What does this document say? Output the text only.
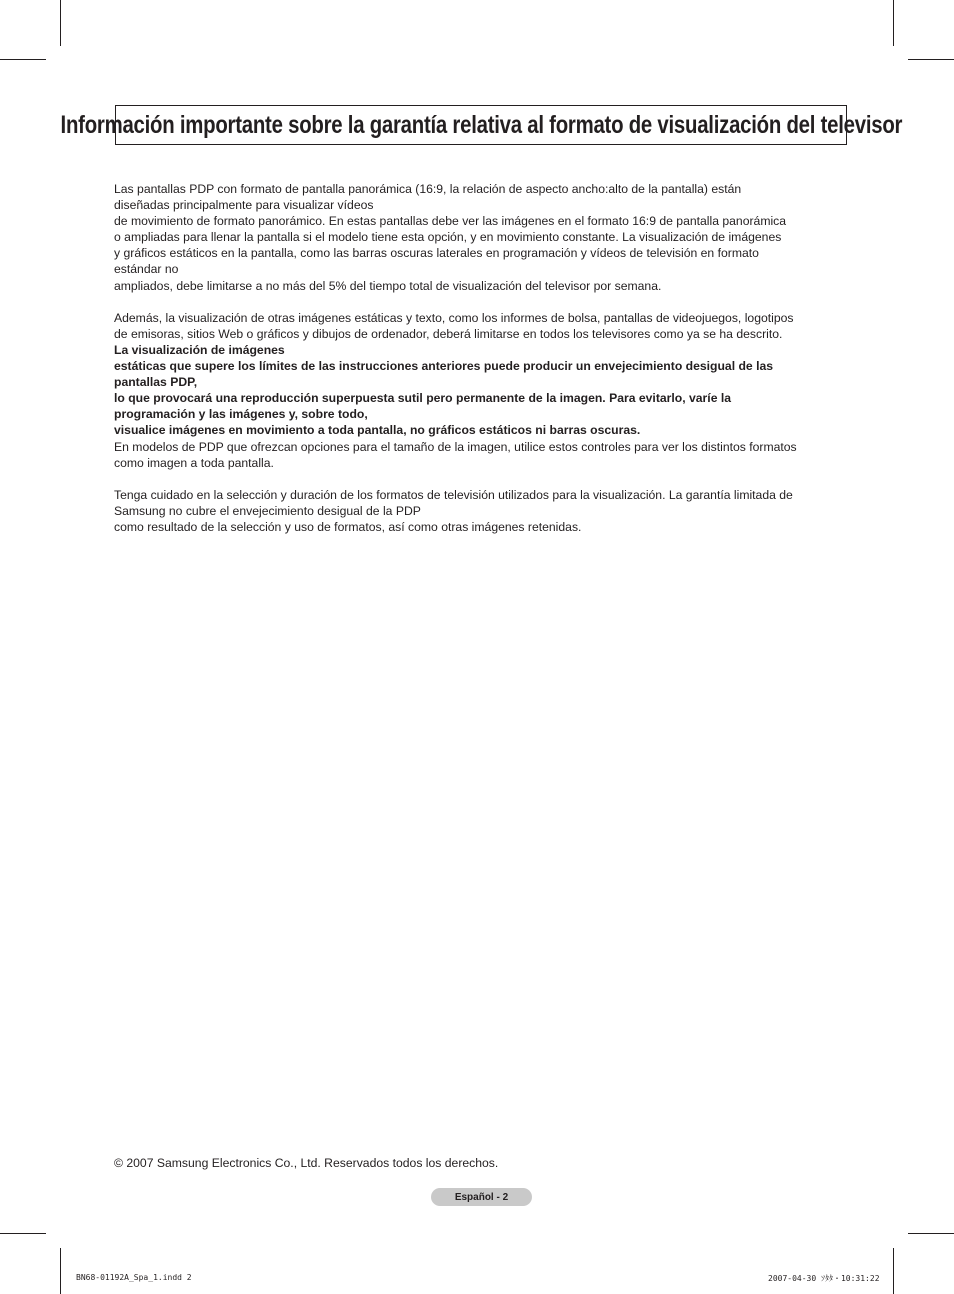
Información importante sobre la garantía relativa al formato de visualización del televisor
Las pantallas PDP con formato de pantalla panorámica (16:9, la relación de aspecto ancho:alto de la pantalla) están
diseñadas principalmente para visualizar vídeos
de movimiento de formato panorámico. En estas pantallas debe ver las imágenes en el formato 16:9 de pantalla panorámica
o ampliadas para llenar la pantalla si el modelo tiene esta opción, y en movimiento constante. La visualización de imágenes
y gráficos estáticos en la pantalla, como las barras oscuras laterales en programación y vídeos de televisión en formato
estándar no
ampliados, debe limitarse a no más del 5% del tiempo total de visualización del televisor por semana.
Además, la visualización de otras imágenes estáticas y texto, como los informes de bolsa, pantallas de videojuegos, logotipos
de emisoras, sitios Web o gráficos y dibujos de ordenador, deberá limitarse en todos los televisores como ya se ha descrito.
La visualización de imágenes
estáticas que supere los límites de las instrucciones anteriores puede producir un envejecimiento desigual de las
pantallas PDP,
lo que provocará una reproducción superpuesta sutil pero permanente de la imagen. Para evitarlo, varíe la
programación y las imágenes y, sobre todo,
visualice imágenes en movimiento a toda pantalla, no gráficos estáticos ni barras oscuras.
En modelos de PDP que ofrezcan opciones para el tamaño de la imagen, utilice estos controles para ver los distintos formatos
como imagen a toda pantalla.
Tenga cuidado en la selección y duración de los formatos de televisión utilizados para la visualización. La garantía limitada de
Samsung no cubre el envejecimiento desigual de la PDP
como resultado de la selección y uso de formatos, así como otras imágenes retenidas.
© 2007 Samsung Electronics Co., Ltd. Reservados todos los derechos.
Español - 2
BN68-01192A_Spa_1.indd 2	2007-04-30 ｿﾀﾀ・10:31:22
